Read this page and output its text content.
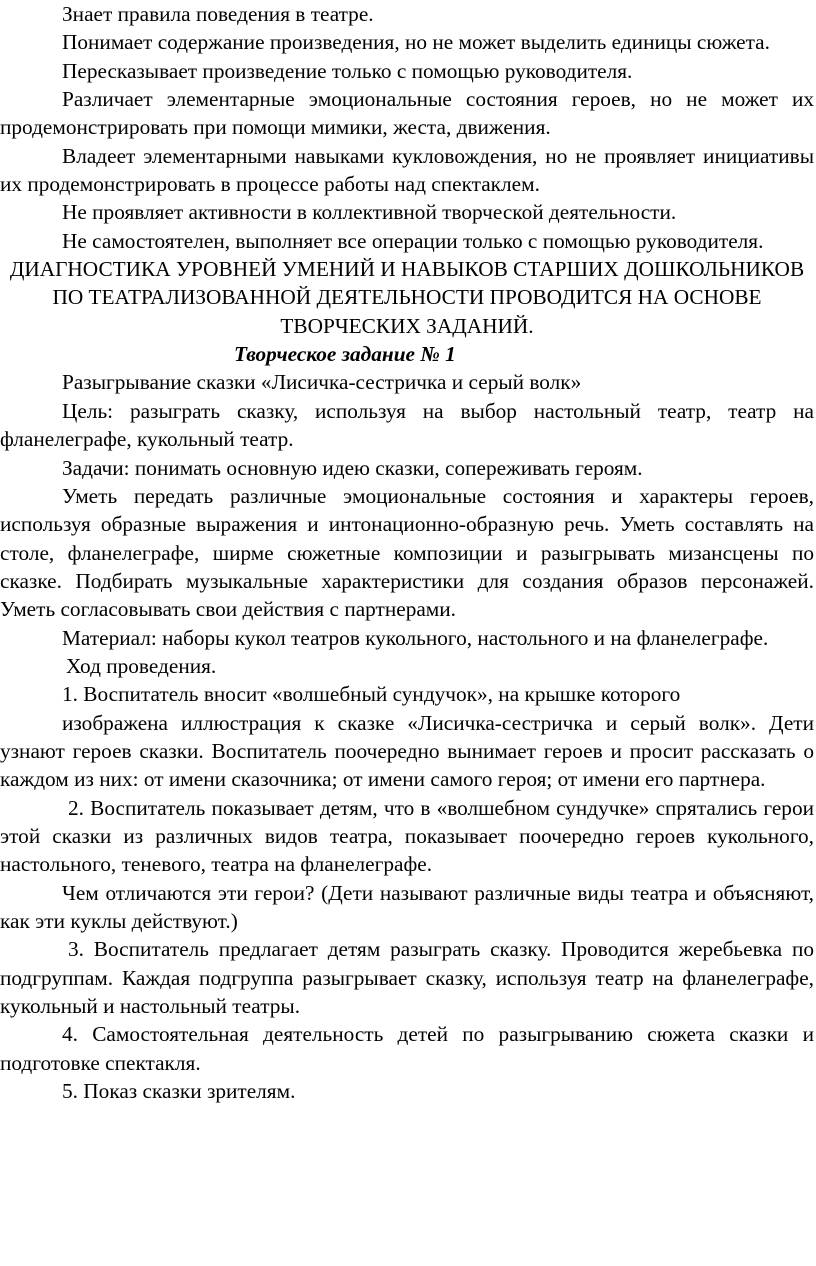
Знает правила поведения в театре.

Понимает содержание произведения, но не может выделить единицы сюжета.

Пересказывает произведение только с помощью руководителя.

Различает элементарные эмоциональные состояния героев, но не может их продемонстрировать при помощи мимики, жеста, движения.

Владеет элементарными навыками кукловождения, но не проявляет инициативы их продемонстрировать в процессе работы над спектаклем.

Не проявляет активности в коллективной творческой деятельности.

Не самостоятелен, выполняет все операции только с помощью руководителя.

ДИАГНОСТИКА УРОВНЕЙ УМЕНИЙ И НАВЫКОВ СТАРШИХ ДОШКОЛЬНИКОВ ПО ТЕАТРАЛИЗОВАННОЙ ДЕЯТЕЛЬНОСТИ ПРОВОДИТСЯ НА ОСНОВЕ ТВОРЧЕСКИХ ЗАДАНИЙ.

Творческое задание № 1

Разыгрывание сказки «Лисичка-сестричка и серый волк»

Цель: разыграть сказку, используя на выбор настольный театр, театр на фланелеграфе, кукольный театр.

Задачи: понимать основную идею сказки, сопереживать героям.

Уметь передать различные эмоциональные состояния и характеры героев, используя образные выражения и интонационно-образную речь. Уметь составлять на столе, фланелеграфе, ширме сюжетные композиции и разыгрывать мизансцены по сказке. Подбирать музыкальные характеристики для создания образов персонажей. Уметь согласовывать свои действия с партнерами.

Материал: наборы кукол театров кукольного, настольного и на фланелеграфе.

Ход проведения.

1. Воспитатель вносит «волшебный сундучок», на крышке которого

изображена иллюстрация к сказке «Лисичка-сестричка и серый волк». Дети узнают героев сказки. Воспитатель поочередно вынимает героев и просит рассказать о каждом из них: от имени сказочника; от имени самого героя; от имени его партнера.

2. Воспитатель показывает детям, что в «волшебном сундучке» спрятались герои этой сказки из различных видов театра, показывает поочередно героев кукольного, настольного, теневого, театра на фланелеграфе.

Чем отличаются эти герои? (Дети называют различные виды театра и объясняют, как эти куклы действуют.)

3. Воспитатель предлагает детям разыграть сказку. Проводится жеребьевка по подгруппам. Каждая подгруппа разыгрывает сказку, используя театр на фланелеграфе, кукольный и настольный театры.

4. Самостоятельная деятельность детей по разыгрыванию сюжета сказки и подготовке спектакля.

5. Показ сказки зрителям.
